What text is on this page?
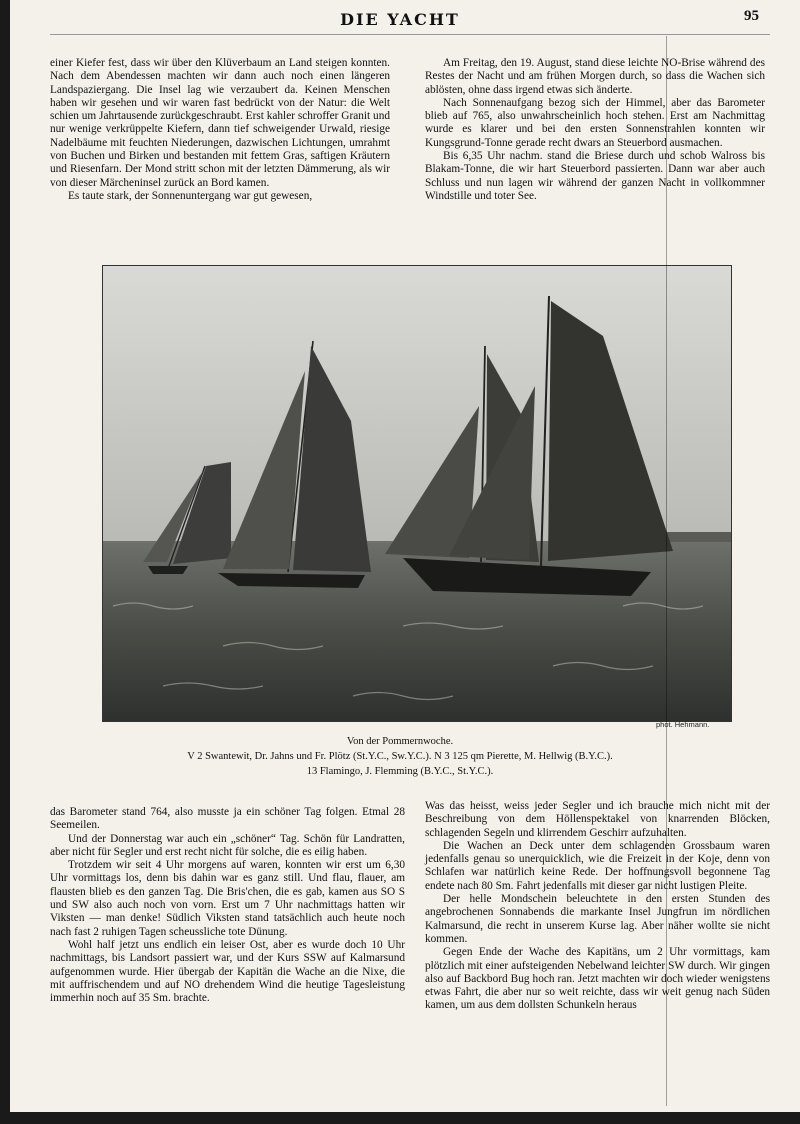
DIE YACHT	95

einer Kiefer fest, dass wir über den Klüverbaum an Land steigen konnten. Nach dem Abendessen machten wir dann auch noch einen längeren Landspaziergang. Die Insel lag wie verzaubert da. Keinen Menschen haben wir gesehen und wir waren fast bedrückt von der Natur: die Welt schien um Jahrtausende zurückgeschraubt. Erst kahler schroffer Granit und nur wenige verkrüppelte Kiefern, dann tief schweigender Urwald, riesige Nadelbäume mit feuchten Niederungen, dazwischen Lichtungen, umrahmt von Buchen und Birken und bestanden mit fettem Gras, saftigen Kräutern und Riesenfarn. Der Mond stritt schon mit der letzten Dämmerung, als wir von dieser Märcheninsel zurück an Bord kamen.

Es taute stark, der Sonnenuntergang war gut gewesen,

Am Freitag, den 19. August, stand diese leichte NO-Brise während des Restes der Nacht und am frühen Morgen durch, so dass die Wachen sich ablösten, ohne dass irgend etwas sich änderte.

Nach Sonnenaufgang bezog sich der Himmel, aber das Barometer blieb auf 765, also unwahrscheinlich hoch stehen. Erst am Nachmittag wurde es klarer und bei den ersten Sonnenstrahlen konnten wir Kungsgrund-Tonne gerade recht dwars an Steuerbord ausmachen.

Bis 6,35 Uhr nachm. stand die Briese durch und schob Walross bis Blakam-Tonne, die wir hart Steuerbord passierten. Dann war aber auch Schluss und nun lagen wir während der ganzen Nacht in vollkommner Windstille und toter See.

phot. Hehmann.
Von der Pommernwoche.
V 2 Swantewit, Dr. Jahns und Fr. Plötz (St.Y.C., Sw.Y.C.). N 3 125 qm Pierette, M. Hellwig (B.Y.C.).
13 Flamingo, J. Flemming (B.Y.C., St.Y.C.).

das Barometer stand 764, also musste ja ein schöner Tag folgen. Etmal 28 Seemeilen.

Und der Donnerstag war auch ein „schöner“ Tag. Schön für Landratten, aber nicht für Segler und erst recht nicht für solche, die es eilig haben.

Trotzdem wir seit 4 Uhr morgens auf waren, konnten wir erst um 6,30 Uhr vormittags los, denn bis dahin war es ganz still. Und flau, flauer, am flausten blieb es den ganzen Tag. Die Bris'chen, die es gab, kamen aus SO S und SW also auch noch von vorn. Erst um 7 Uhr nachmittags hatten wir Viksten — man denke! Südlich Viksten stand tatsächlich auch heute noch nach fast 2 ruhigen Tagen scheussliche tote Dünung.

Wohl half jetzt uns endlich ein leiser Ost, aber es wurde doch 10 Uhr nachmittags, bis Landsort passiert war, und der Kurs SSW auf Kalmarsund aufgenommen wurde. Hier übergab der Kapitän die Wache an die Nixe, die mit auffrischendem und auf NO drehendem Wind die heutige Tagesleistung immerhin noch auf 35 Sm. brachte.

Was das heisst, weiss jeder Segler und ich brauche mich nicht mit der Beschreibung von dem Höllenspektakel von knarrenden Blöcken, schlagenden Segeln und klirrendem Geschirr aufzuhalten.

Die Wachen an Deck unter dem schlagenden Grossbaum waren jedenfalls genau so unerquicklich, wie die Freizeit in der Koje, denn von Schlafen war natürlich keine Rede. Der hoffnungsvoll begonnene Tag endete nach 80 Sm. Fahrt jedenfalls mit dieser gar nicht lustigen Pleite.

Der helle Mondschein beleuchtete in den ersten Stunden des angebrochenen Sonnabends die markante Insel Jungfrun im nördlichen Kalmarsund, die recht in unserem Kurse lag. Aber näher wollte sie nicht kommen.

Gegen Ende der Wache des Kapitäns, um 2 Uhr vormittags, kam plötzlich mit einer aufsteigenden Nebelwand leichter SW durch. Wir gingen also auf Backbord Bug hoch ran. Jetzt machten wir doch wieder wenigstens etwas Fahrt, die aber nur so weit reichte, dass wir weit genug nach Süden kamen, um aus dem dollsten Schunkeln heraus
